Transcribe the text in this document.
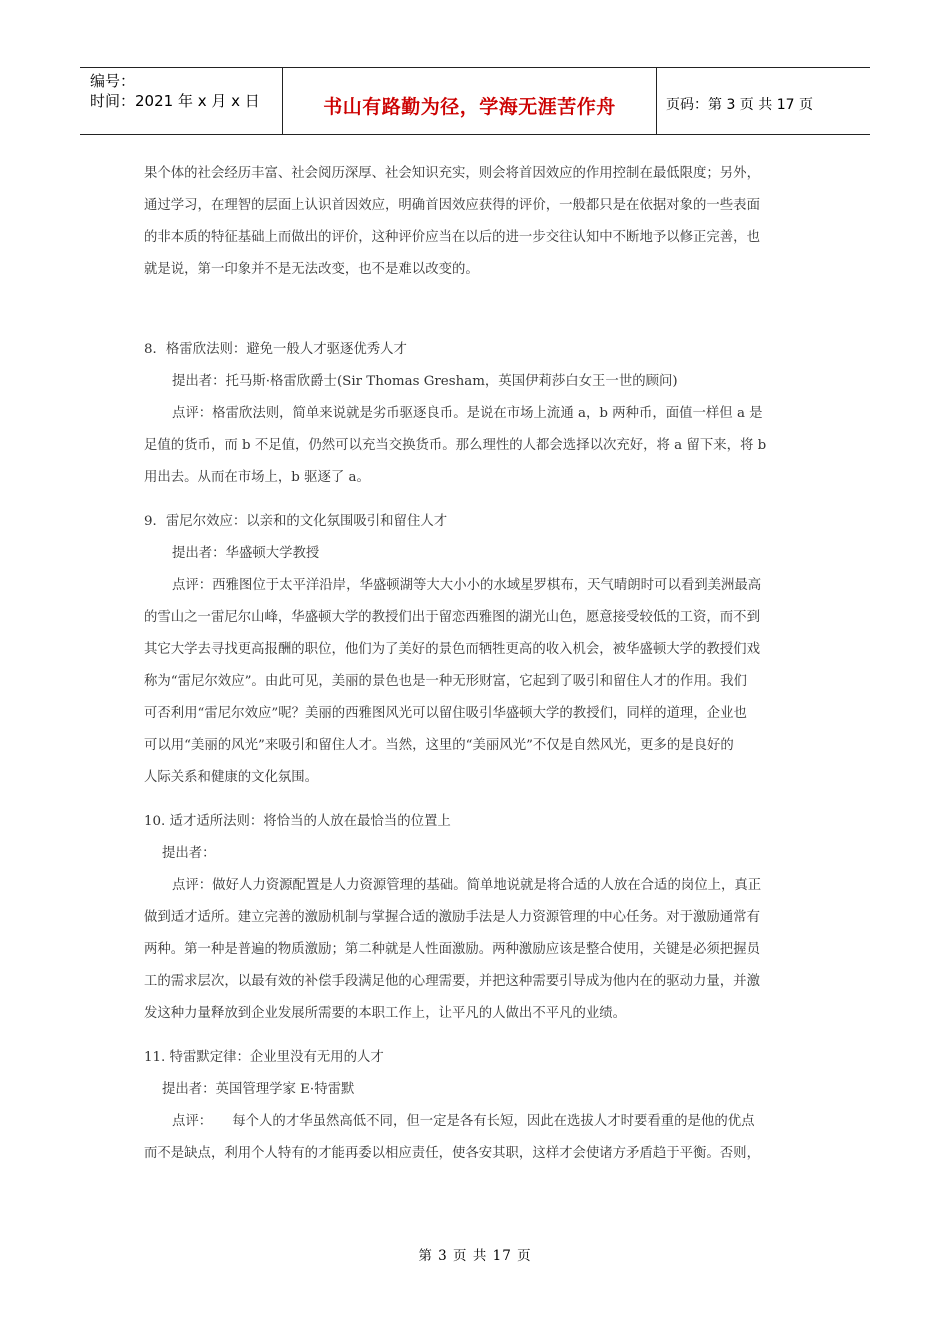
编号：
时间：2021 年 x 月 x 日	书山有路勤为径，学海无涯苦作舟	页码：第 3 页 共 17 页

果个体的社会经历丰富、社会阅历深厚、社会知识充实，则会将首因效应的作用控制在最低限度；另外，

通过学习，在理智的层面上认识首因效应，明确首因效应获得的评价，一般都只是在依据对象的一些表面

的非本质的特征基础上而做出的评价，这种评价应当在以后的进一步交往认知中不断地予以修正完善，也

就是说，第一印象并不是无法改变，也不是难以改变的。

8．格雷欣法则：避免一般人才驱逐优秀人才

提出者：托马斯·格雷欣爵士(Sir Thomas Gresham，英国伊莉莎白女王一世的顾问)

点评：格雷欣法则，简单来说就是劣币驱逐良币。是说在市场上流通 a，b 两种币，面值一样但 a 是

足值的货币，而 b 不足值，仍然可以充当交换货币。那么理性的人都会选择以次充好，将 a 留下来，将 b

用出去。从而在市场上，b 驱逐了 a。

9．雷尼尔效应：以亲和的文化氛围吸引和留住人才

提出者：华盛顿大学教授

点评：西雅图位于太平洋沿岸，华盛顿湖等大大小小的水域星罗棋布，天气晴朗时可以看到美洲最高

的雪山之一雷尼尔山峰，华盛顿大学的教授们出于留恋西雅图的湖光山色，愿意接受较低的工资，而不到

其它大学去寻找更高报酬的职位，他们为了美好的景色而牺牲更高的收入机会，被华盛顿大学的教授们戏

称为“雷尼尔效应”。由此可见，美丽的景色也是一种无形财富，它起到了吸引和留住人才的作用。我们

可否利用“雷尼尔效应”呢？美丽的西雅图风光可以留住吸引华盛顿大学的教授们，同样的道理，企业也

可以用“美丽的风光”来吸引和留住人才。当然，这里的“美丽风光”不仅是自然风光，更多的是良好的

人际关系和健康的文化氛围。

10. 适才适所法则：将恰当的人放在最恰当的位置上

提出者：

点评：做好人力资源配置是人力资源管理的基础。简单地说就是将合适的人放在合适的岗位上，真正

做到适才适所。建立完善的激励机制与掌握合适的激励手法是人力资源管理的中心任务。对于激励通常有

两种。第一种是普遍的物质激励；第二种就是人性面激励。两种激励应该是整合使用，关键是必须把握员

工的需求层次，以最有效的补偿手段满足他的心理需要，并把这种需要引导成为他内在的驱动力量，并激

发这种力量释放到企业发展所需要的本职工作上，让平凡的人做出不平凡的业绩。

11. 特雷默定律：企业里没有无用的人才

提出者：英国管理学家 E·特雷默

点评：　　每个人的才华虽然高低不同，但一定是各有长短，因此在选拔人才时要看重的是他的优点

而不是缺点，利用个人特有的才能再委以相应责任，使各安其职，这样才会使诸方矛盾趋于平衡。否则，

第 3 页 共 17 页
